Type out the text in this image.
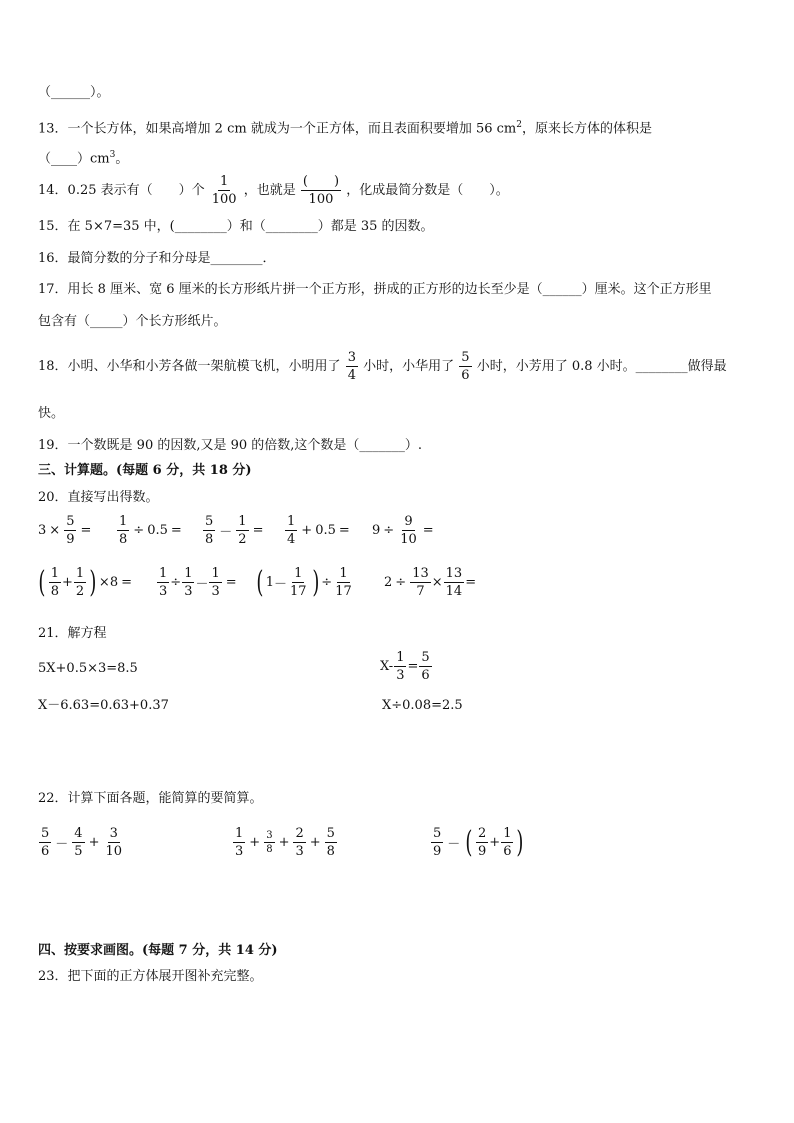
（______）。
13．一个长方体，如果高增加 2 cm 就成为一个正方体，而且表面积要增加 56 $cm^2$，原来长方体的体积是
$(\_\_\_\_)cm^3$。
14．0.25 表示有（　　）个 $\frac{1}{100}$ ，也就是 $\frac{( )}{100}$ ，化成最简分数是（　　）。
15．在 5×7=35 中，(________）和（________）都是 35 的因数。
16．最简分数的分子和分母是________．
17．用长 8 厘米、宽 6 厘米的长方形纸片拼一个正方形，拼成的正方形的边长至少是（______）厘米。这个正方形里
包含有（_____）个长方形纸片。
18．小明、小华和小芳各做一架航模飞机，小明用了 $\frac{3}{4}$ 小时，小华用了 $\frac{5}{6}$ 小时，小芳用了 0.8 小时。________做得最
快。
19．一个数既是 90 的因数,又是 90 的倍数,这个数是（_______）.
三、计算题。(每题 6 分，共 18 分)
20．直接写出得数。
$3 \times \frac{5}{9} = \frac{1}{8} \div 0.5 = \frac{5}{8} - \frac{1}{2} = \frac{1}{4} + 0.5 = 9 \div \frac{9}{10}$ =
( $\frac{1}{8} + \frac{1}{2}$ ) × $8 = \frac{1}{3} \div \frac{1}{3} - \frac{1}{3}$ = ( $1 - \frac{1}{17}$ ) ÷ $\frac{1}{17} 2 \div \frac{13}{7} \times \frac{13}{14}$ =
21．解方程
5X+0.5×3=8.5	$X- \frac{1}{3} = \frac{5}{6}$
X－6.63=0.63+0.37	X÷0.08=2.5
22．计算下面各题，能简算的要简算。
$\frac{5}{6} - \frac{4}{5} + \frac{3}{10}$	$\frac{1}{3} + \frac{3}{8} + \frac{2}{3} + \frac{5}{8}$	$\frac{5}{9}$ － ( $\frac{2}{9} + \frac{1}{6}$ )
四、按要求画图。(每题 7 分，共 14 分)
23．把下面的正方体展开图补充完整。
